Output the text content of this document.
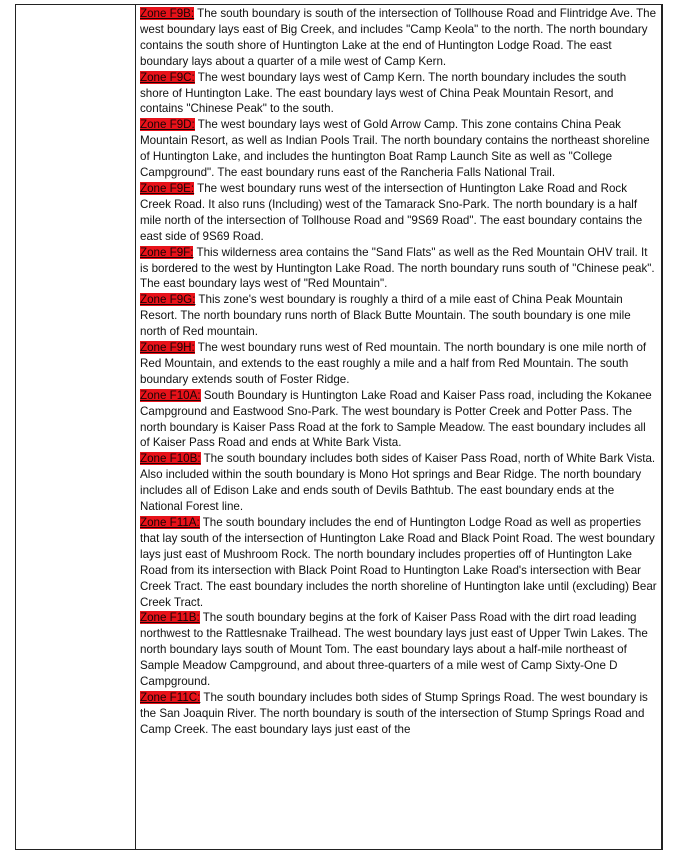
Zone F9B: The south boundary is south of the intersection of Tollhouse Road and Flintridge Ave. The west boundary lays east of Big Creek, and includes "Camp Keola" to the north. The north boundary contains the south shore of Huntington Lake at the end of Huntington Lodge Road. The east boundary lays about a quarter of a mile west of Camp Kern.

Zone F9C: The west boundary lays west of Camp Kern. The north boundary includes the south shore of Huntington Lake. The east boundary lays west of China Peak Mountain Resort, and contains "Chinese Peak" to the south.

Zone F9D: The west boundary lays west of Gold Arrow Camp. This zone contains China Peak Mountain Resort, as well as Indian Pools Trail. The north boundary contains the northeast shoreline of Huntington Lake, and includes the huntington Boat Ramp Launch Site as well as "College Campground". The east boundary runs east of the Rancheria Falls National Trail.

Zone F9E: The west boundary runs west of the intersection of Huntington Lake Road and Rock Creek Road. It also runs (Including) west of the Tamarack Sno-Park. The north boundary is a half mile north of the intersection of Tollhouse Road and "9S69 Road". The east boundary contains the east side of 9S69 Road.

Zone F9F: This wilderness area contains the "Sand Flats" as well as the Red Mountain OHV trail. It is bordered to the west by Huntington Lake Road. The north boundary runs south of "Chinese peak". The east boundary lays west of "Red Mountain".

Zone F9G: This zone's west boundary is roughly a third of a mile east of China Peak Mountain Resort. The north boundary runs north of Black Butte Mountain. The south boundary is one mile north of Red mountain.

Zone F9H: The west boundary runs west of Red mountain. The north boundary is one mile north of Red Mountain, and extends to the east roughly a mile and a half from Red Mountain. The south boundary extends south of Foster Ridge.

Zone F10A: South Boundary is Huntington Lake Road and Kaiser Pass road, including the Kokanee Campground and Eastwood Sno-Park. The west boundary is Potter Creek and Potter Pass. The north boundary is Kaiser Pass Road at the fork to Sample Meadow. The east boundary includes all of Kaiser Pass Road and ends at White Bark Vista.

Zone F10B: The south boundary includes both sides of Kaiser Pass Road, north of White Bark Vista. Also included within the south boundary is Mono Hot springs and Bear Ridge. The north boundary includes all of Edison Lake and ends south of Devils Bathtub. The east boundary ends at the National Forest line.

Zone F11A: The south boundary includes the end of Huntington Lodge Road as well as properties that lay south of the intersection of Huntington Lake Road and Black Point Road. The west boundary lays just east of Mushroom Rock. The north boundary includes properties off of Huntington Lake Road from its intersection with Black Point Road to Huntington Lake Road's intersection with Bear Creek Tract. The east boundary includes the north shoreline of Huntington lake until (excluding) Bear Creek Tract.

Zone F11B: The south boundary begins at the fork of Kaiser Pass Road with the dirt road leading northwest to the Rattlesnake Trailhead. The west boundary lays just east of Upper Twin Lakes. The north boundary lays south of Mount Tom. The east boundary lays about a half-mile northeast of Sample Meadow Campground, and about three-quarters of a mile west of Camp Sixty-One D Campground.

Zone F11C: The south boundary includes both sides of Stump Springs Road. The west boundary is the San Joaquin River. The north boundary is south of the intersection of Stump Springs Road and Camp Creek. The east boundary lays just east of the
